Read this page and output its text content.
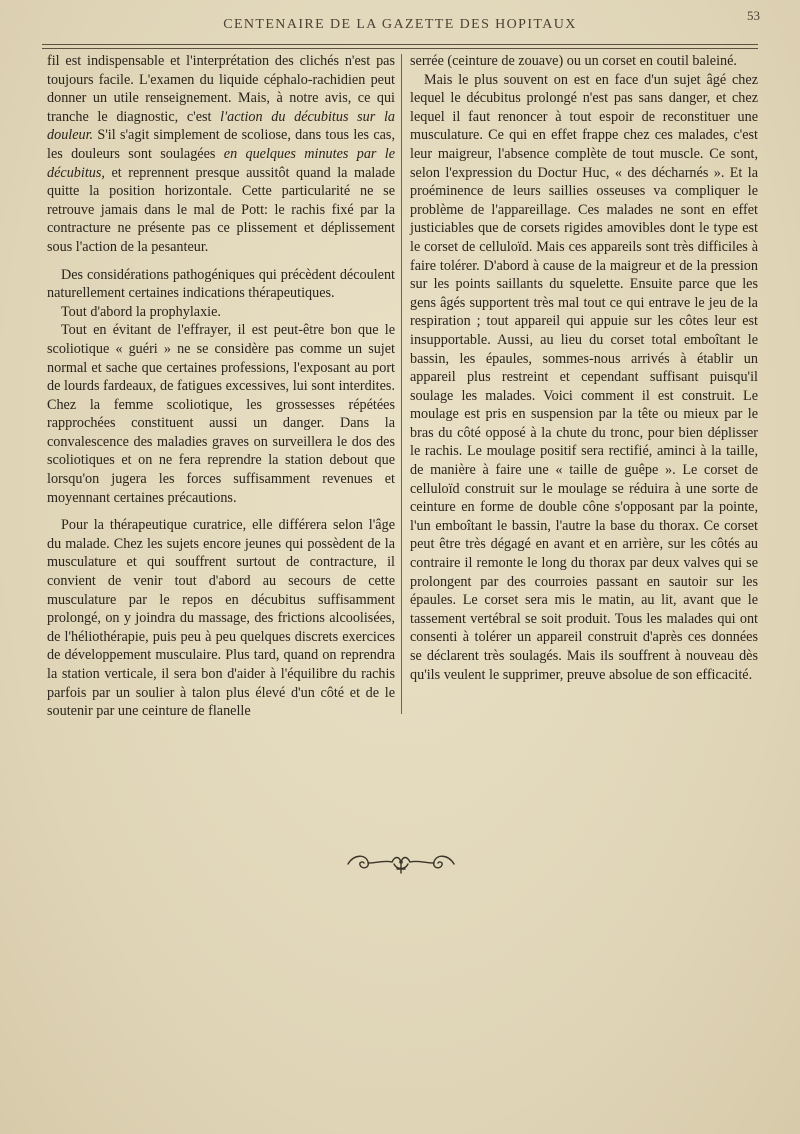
CENTENAIRE DE LA GAZETTE DES HOPITAUX
53

fil est indispensable et l'interprétation des clichés n'est pas toujours facile. L'examen du liquide céphalo-rachidien peut donner un utile renseignement. Mais, à notre avis, ce qui tranche le diagnostic, c'est l'action du décubitus sur la douleur. S'il s'agit simplement de scoliose, dans tous les cas, les douleurs sont soulagées en quelques minutes par le décubitus, et reprennent presque aussitôt quand la malade quitte la position horizontale. Cette particularité ne se retrouve jamais dans le mal de Pott: le rachis fixé par la contracture ne présente pas ce plissement et déplissement sous l'action de la pesanteur.

Des considérations pathogéniques qui précèdent découlent naturellement certaines indications thérapeutiques.

Tout d'abord la prophylaxie.

Tout en évitant de l'effrayer, il est peut-être bon que le scoliotique « guéri » ne se considère pas comme un sujet normal et sache que certaines professions, l'exposant au port de lourds fardeaux, de fatigues excessives, lui sont interdites. Chez la femme scoliotique, les grossesses répétées rapprochées constituent aussi un danger. Dans la convalescence des maladies graves on surveillera le dos des scoliotiques et on ne fera reprendre la station debout que lorsqu'on jugera les forces suffisamment revenues et moyennant certaines précautions.

Pour la thérapeutique curatrice, elle différera selon l'âge du malade. Chez les sujets encore jeunes qui possèdent de la musculature et qui souffrent surtout de contracture, il convient de venir tout d'abord au secours de cette musculature par le repos en décubitus suffisamment prolongé, on y joindra du massage, des frictions alcoolisées, de l'héliothérapie, puis peu à peu quelques discrets exercices de développement musculaire. Plus tard, quand on reprendra la station verticale, il sera bon d'aider à l'équilibre du rachis parfois par un soulier à talon plus élevé d'un côté et de le soutenir par une ceinture de flanelle

serrée (ceinture de zouave) ou un corset en coutil baleiné.

Mais le plus souvent on est en face d'un sujet âgé chez lequel le décubitus prolongé n'est pas sans danger, et chez lequel il faut renoncer à tout espoir de reconstituer une musculature. Ce qui en effet frappe chez ces malades, c'est leur maigreur, l'absence complète de tout muscle. Ce sont, selon l'expression du Doctur Huc, « des décharnés ». Et la proéminence de leurs saillies osseuses va compliquer le problème de l'appareillage. Ces malades ne sont en effet justiciables que de corsets rigides amovibles dont le type est le corset de celluloïd. Mais ces appareils sont très difficiles à faire tolérer. D'abord à cause de la maigreur et de la pression sur les points saillants du squelette. Ensuite parce que les gens âgés supportent très mal tout ce qui entrave le jeu de la respiration ; tout appareil qui appuie sur les côtes leur est insupportable. Aussi, au lieu du corset total emboîtant le bassin, les épaules, sommes-nous arrivés à établir un appareil plus restreint et cependant suffisant puisqu'il soulage les malades. Voici comment il est construit. Le moulage est pris en suspension par la tête ou mieux par le bras du côté opposé à la chute du tronc, pour bien déplisser le rachis. Le moulage positif sera rectifié, aminci à la taille, de manière à faire une « taille de guêpe ». Le corset de celluloïd construit sur le moulage se réduira à une sorte de ceinture en forme de double cône s'opposant par la pointe, l'un emboîtant le bassin, l'autre la base du thorax. Ce corset peut être très dégagé en avant et en arrière, sur les côtés au contraire il remonte le long du thorax par deux valves qui se prolongent par des courroies passant en sautoir sur les épaules. Le corset sera mis le matin, au lit, avant que le tassement vertébral se soit produit. Tous les malades qui ont consenti à tolérer un appareil construit d'après ces données se déclarent très soulagés. Mais ils souffrent à nouveau dès qu'ils veulent le supprimer, preuve absolue de son efficacité.
